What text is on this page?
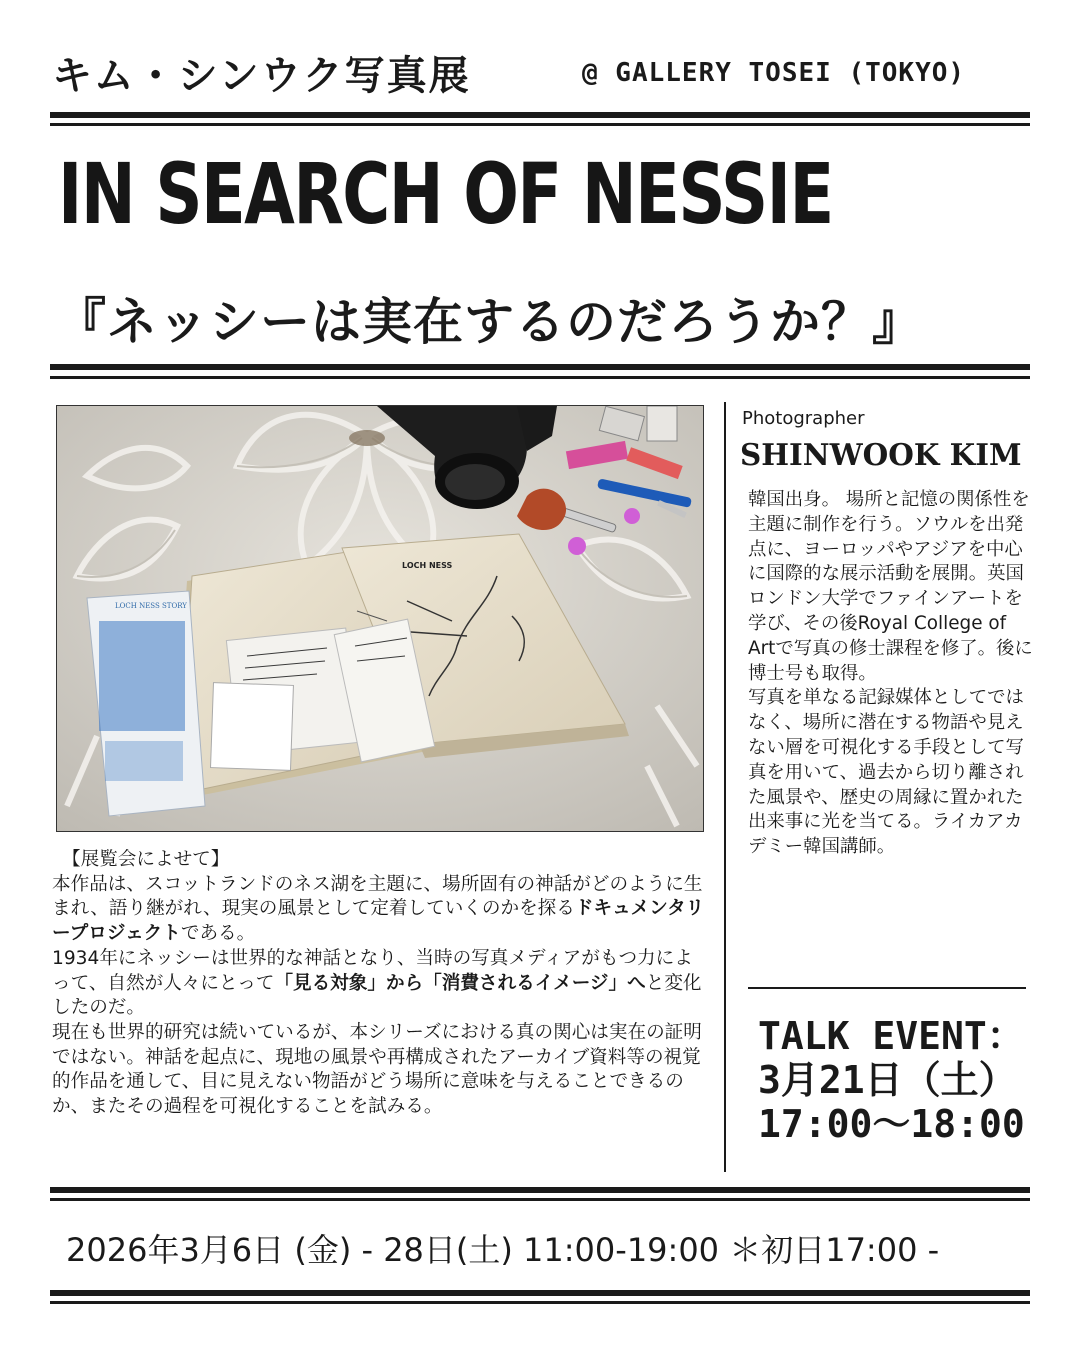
キム・シンウク写真展	@ GALLERY TOSEI (TOKYO)
IN SEARCH OF NESSIE
『ネッシーは実在するのだろうか？』
LOCH NESS
LOCH NESS STORY
Photographer
SHINWOOK KIM

韓国出身。 場所と記憶の関係性を主題に制作を行う。ソウルを出発点に、ヨーロッパやアジアを中心に国際的な展示活動を展開。英国ロンドン大学でファインアートを学び、その後Royal College of Artで写真の修士課程を修了。後に博士号も取得。

写真を単なる記録媒体としてではなく、場所に潜在する物語や見えない層を可視化する手段として写真を用いて、過去から切り離された風景や、歴史の周縁に置かれた出来事に光を当てる。ライカアカデミー韓国講師。

TALK EVENT：
3月21日（土）
17:00～18:00

【展覧会によせて】

本作品は、スコットランドのネス湖を主題に、場所固有の神話がどのように生まれ、語り継がれ、現実の風景として定着していくのかを探るドキュメンタリープロジェクトである。

1934年にネッシーは世界的な神話となり、当時の写真メディアがもつ力によって、自然が人々にとって「見る対象」から「消費されるイメージ」へと変化したのだ。

現在も世界的研究は続いているが、本シリーズにおける真の関心は実在の証明ではない。神話を起点に、現地の風景や再構成されたアーカイブ資料等の視覚的作品を通して、目に見えない物語がどう場所に意味を与えることできるのか、またその過程を可視化することを試みる。

2026年3月6日 (金) - 28日(土) 11:00-19:00 ＊初日17:00 -
